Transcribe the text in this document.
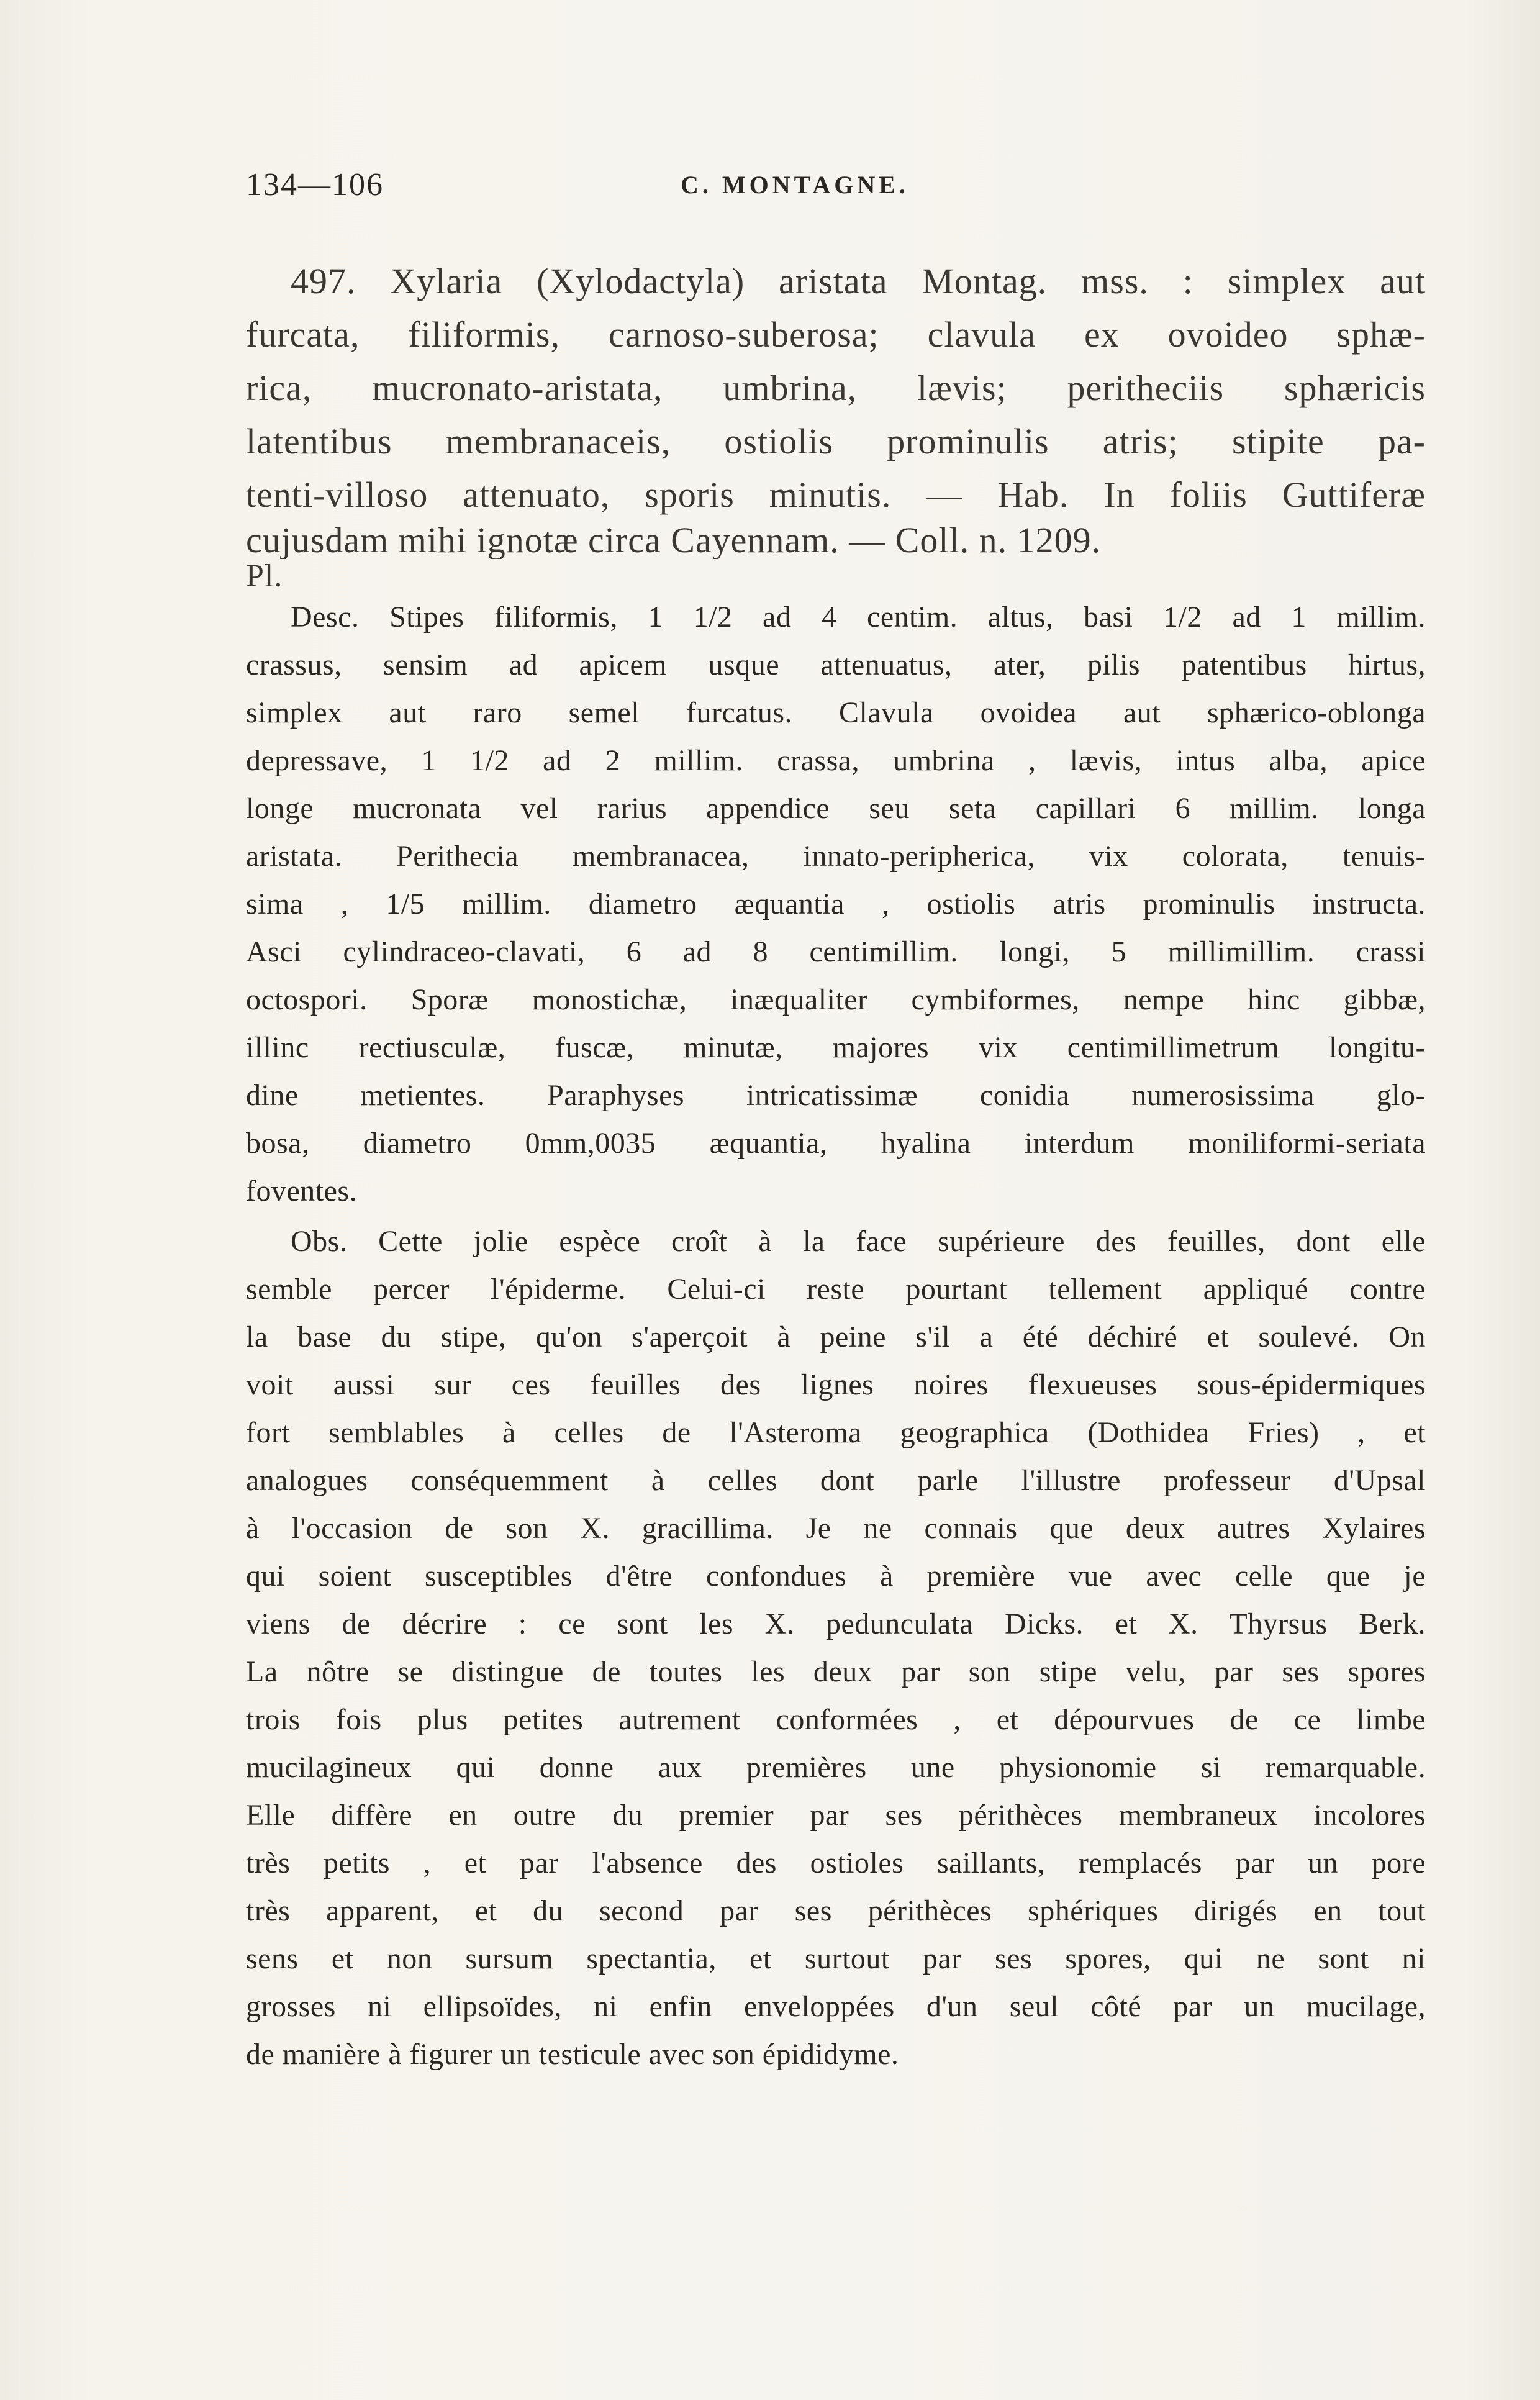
134—106	C. MONTAGNE.
497. Xylaria (Xylodactyla) aristata Montag. mss. : simplex aut
furcata, filiformis, carnoso-suberosa; clavula ex ovoideo sphæ-
rica, mucronato-aristata, umbrina, lævis; peritheciis sphæricis
latentibus membranaceis, ostiolis prominulis atris; stipite pa-
tenti-villoso attenuato, sporis minutis. — Hab. In foliis Guttiferæ
cujusdam mihi ignotæ circa Cayennam. — Coll. n. 1209.
Pl.
Desc. Stipes filiformis, 1 1/2 ad 4 centim. altus, basi 1/2 ad 1 millim.
crassus, sensim ad apicem usque attenuatus, ater, pilis patentibus hirtus,
simplex aut raro semel furcatus. Clavula ovoidea aut sphærico-oblonga
depressave, 1 1/2 ad 2 millim. crassa, umbrina , lævis, intus alba, apice
longe mucronata vel rarius appendice seu seta capillari 6 millim. longa
aristata. Perithecia membranacea, innato-peripherica, vix colorata, tenuis-
sima , 1/5 millim. diametro æquantia , ostiolis atris prominulis instructa.
Asci cylindraceo-clavati, 6 ad 8 centimillim. longi, 5 millimillim. crassi
octospori. Sporæ monostichæ, inæqualiter cymbiformes, nempe hinc gibbæ,
illinc rectiusculæ, fuscæ, minutæ, majores vix centimillimetrum longitu-
dine metientes. Paraphyses intricatissimæ conidia numerosissima glo-
bosa, diametro 0mm,0035 æquantia, hyalina interdum moniliformi-seriata
foventes.
Obs. Cette jolie espèce croît à la face supérieure des feuilles, dont elle
semble percer l'épiderme. Celui-ci reste pourtant tellement appliqué contre
la base du stipe, qu'on s'aperçoit à peine s'il a été déchiré et soulevé. On
voit aussi sur ces feuilles des lignes noires flexueuses sous-épidermiques
fort semblables à celles de l'Asteroma geographica (Dothidea Fries) , et
analogues conséquemment à celles dont parle l'illustre professeur d'Upsal
à l'occasion de son X. gracillima. Je ne connais que deux autres Xylaires
qui soient susceptibles d'être confondues à première vue avec celle que je
viens de décrire : ce sont les X. pedunculata Dicks. et X. Thyrsus Berk.
La nôtre se distingue de toutes les deux par son stipe velu, par ses spores
trois fois plus petites autrement conformées , et dépourvues de ce limbe
mucilagineux qui donne aux premières une physionomie si remarquable.
Elle diffère en outre du premier par ses périthèces membraneux incolores
très petits , et par l'absence des ostioles saillants, remplacés par un pore
très apparent, et du second par ses périthèces sphériques dirigés en tout
sens et non sursum spectantia, et surtout par ses spores, qui ne sont ni
grosses ni ellipsoïdes, ni enfin enveloppées d'un seul côté par un mucilage,
de manière à figurer un testicule avec son épididyme.
